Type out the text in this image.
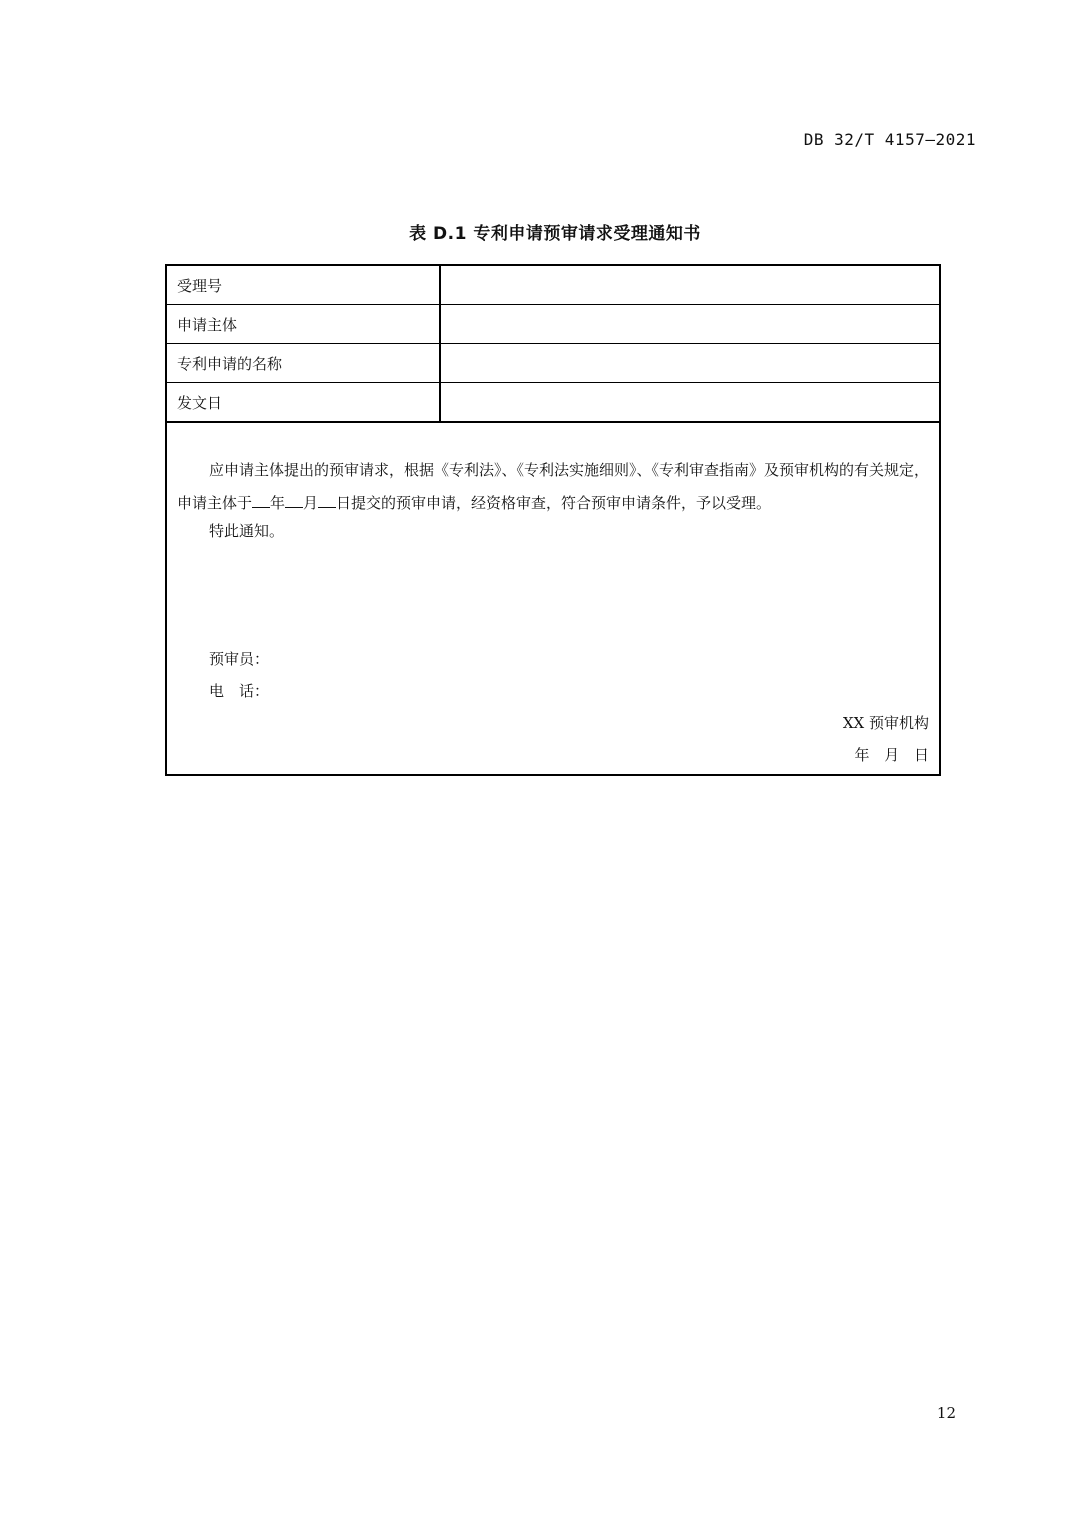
DB 32/T 4157—2021
表 D.1 专利申请预审请求受理通知书
受理号	
申请主体	
专利申请的名称	
发文日	
应申请主体提出的预审请求，根据《专利法》、《专利法实施细则》、《专利审查指南》及预审机构的有关规定，申请主体于 年 月 日提交的预审申请，经资格审查，符合预审申请条件，予以受理。
特此通知。
预审员：
电　话：
XX 预审机构
年 月 日
12
